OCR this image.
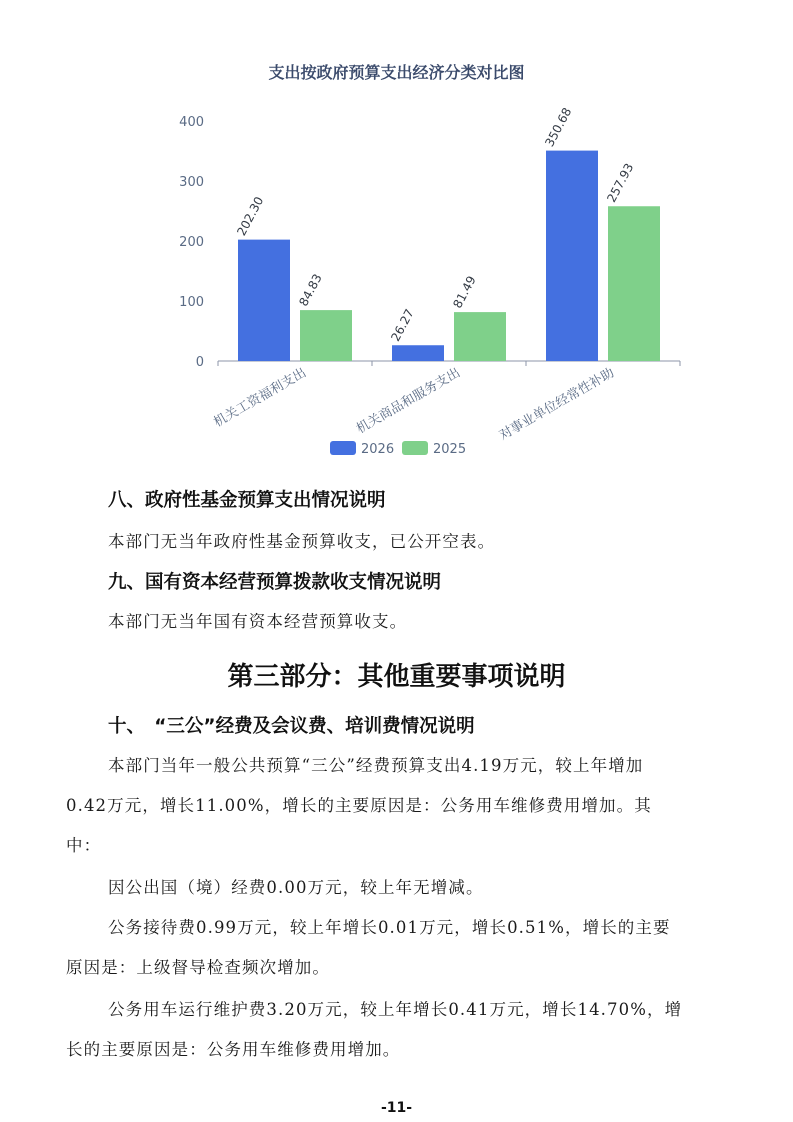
支出按政府预算支出经济分类对比图
0
100
200
300
400
202.30
84.83
机关工资福利支出
26.27
81.49
机关商品和服务支出
350.68
257.93
对事业单位经常性补助
2026	2025
八、政府性基金预算支出情况说明
本部门无当年政府性基金预算收支，已公开空表。
九、国有资本经营预算拨款收支情况说明
本部门无当年国有资本经营预算收支。
第三部分：其他重要事项说明
十、　“三公”经费及会议费、培训费情况说明
本部门当年一般公共预算“三公”经费预算支出4.19万元，较上年增加
0.42万元，增长11.00%，增长的主要原因是：公务用车维修费用增加。其
中：
因公出国（境）经费0.00万元，较上年无增减。
公务接待费0.99万元，较上年增长0.01万元，增长0.51%，增长的主要
原因是：上级督导检查频次增加。
公务用车运行维护费3.20万元，较上年增长0.41万元，增长14.70%，增
长的主要原因是：公务用车维修费用增加。
-11-
